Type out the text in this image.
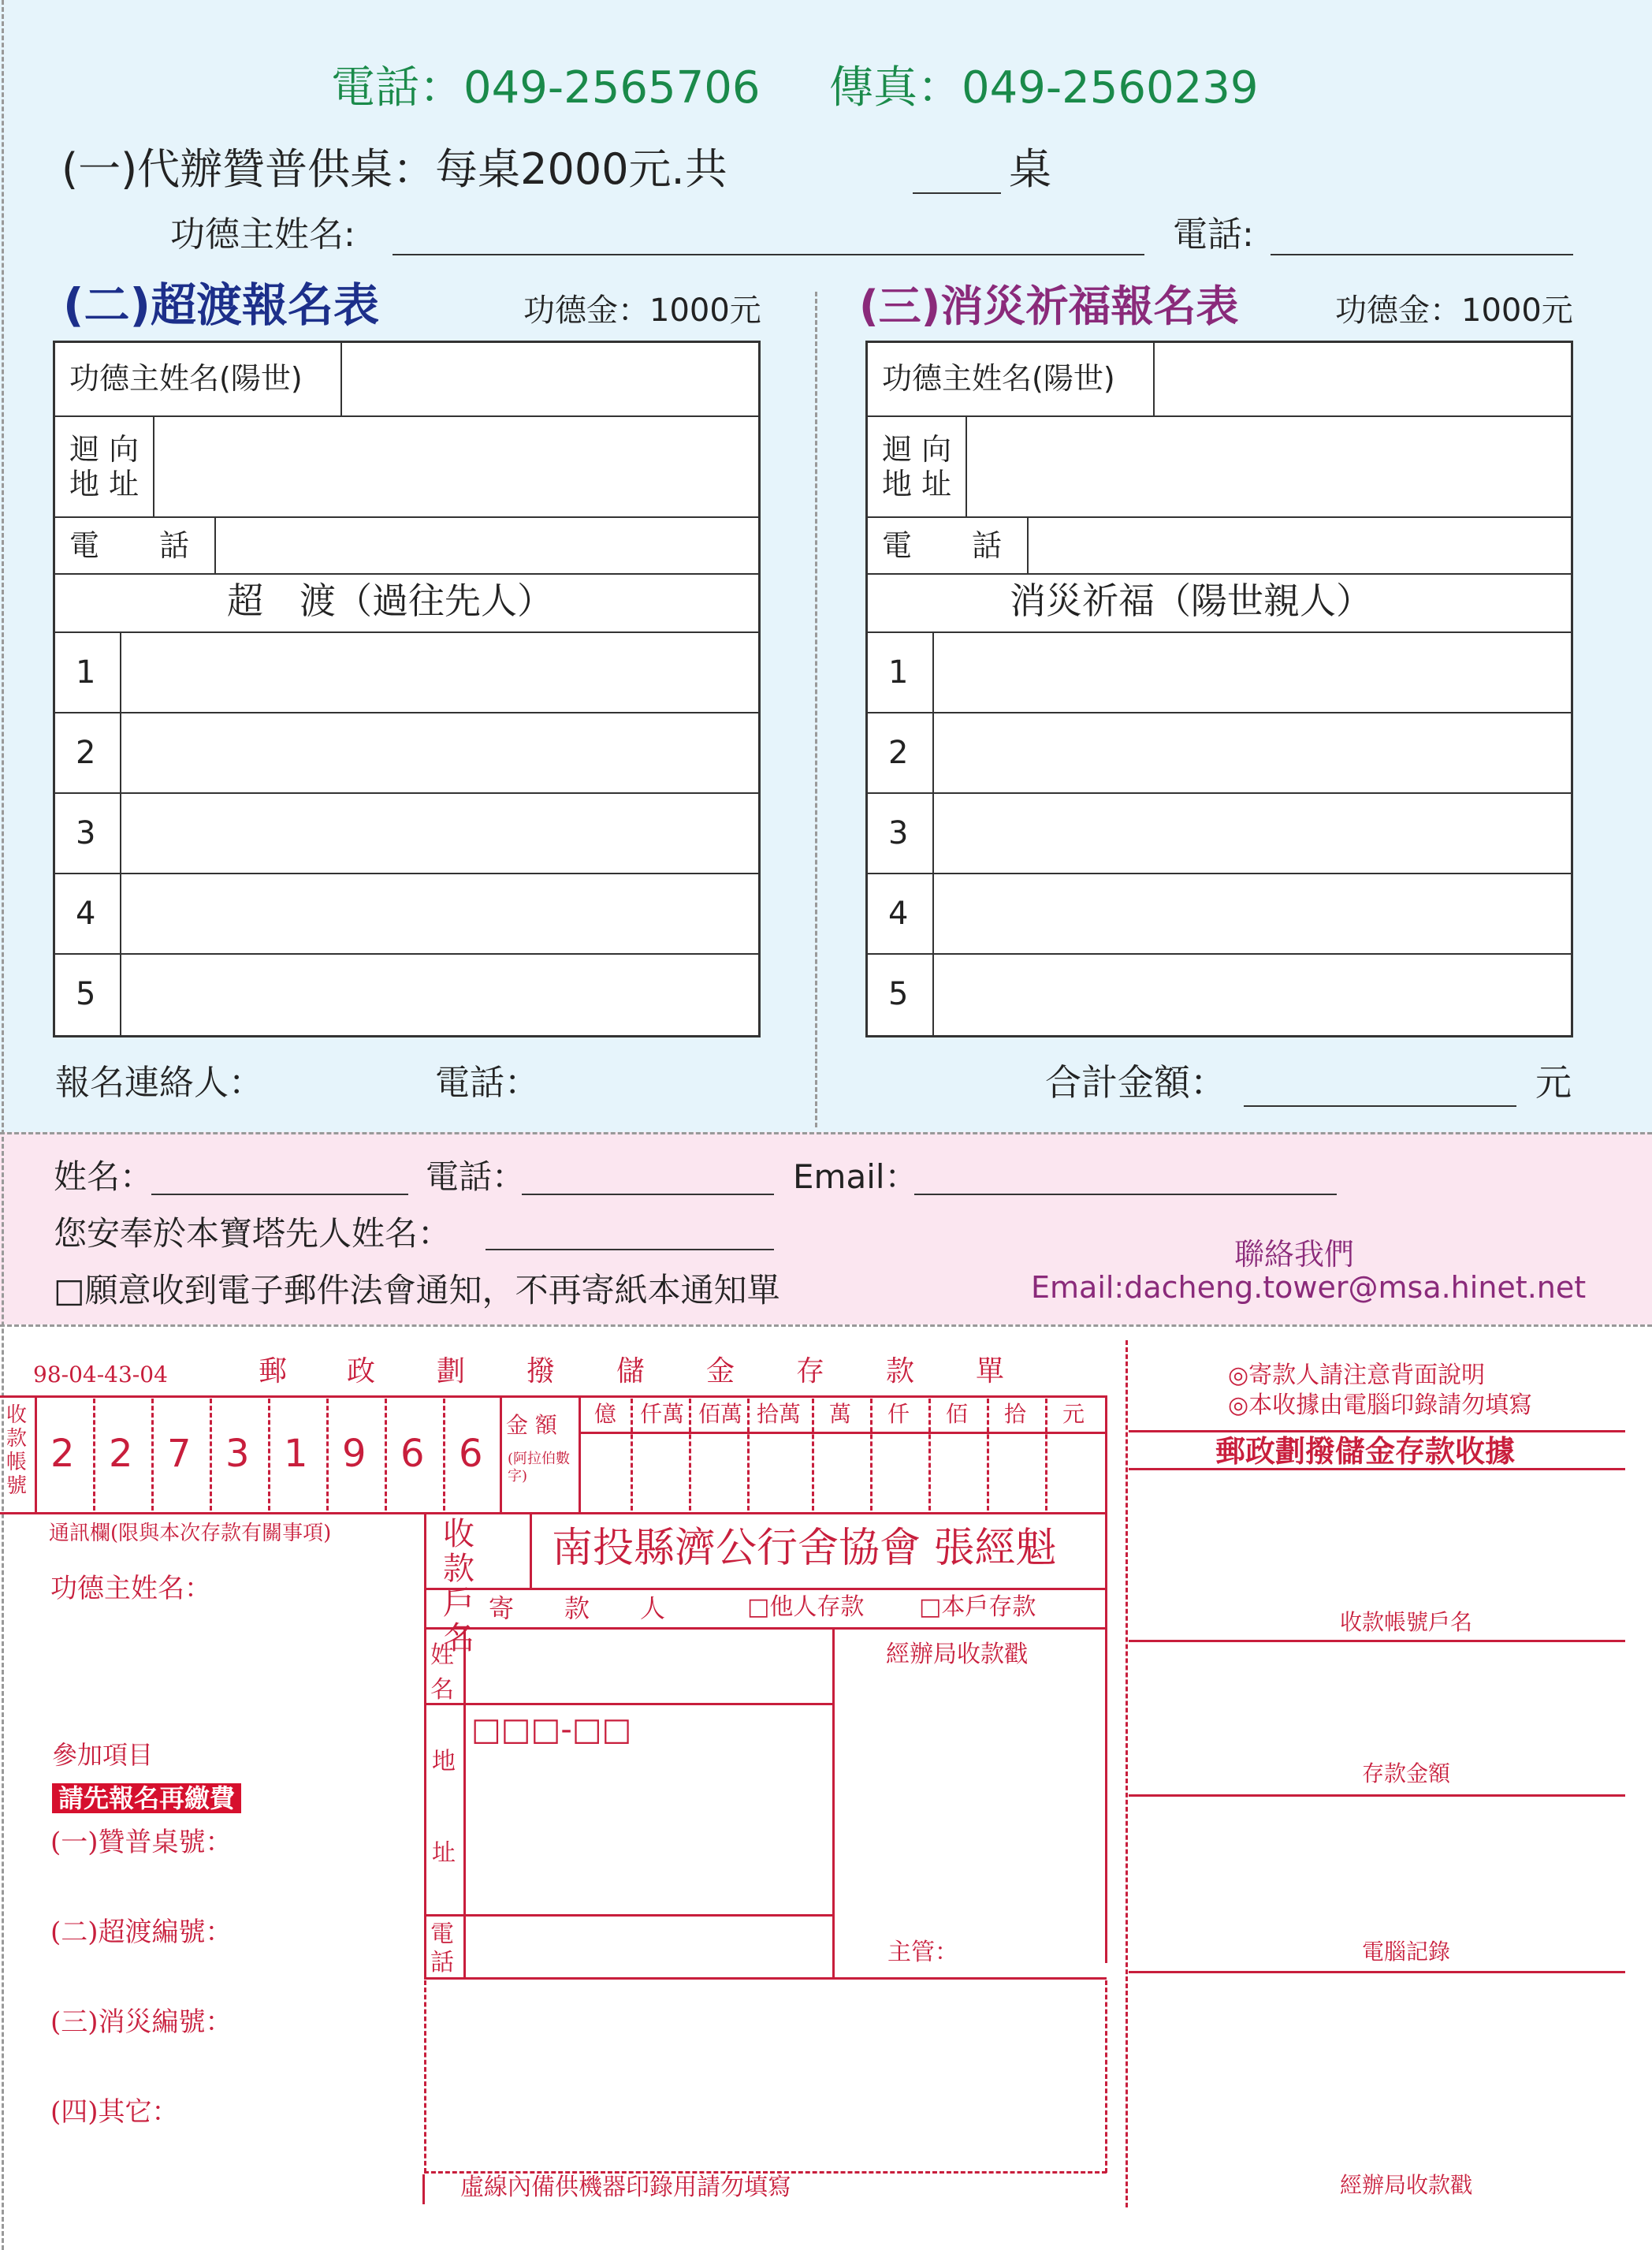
電話：049-2565706 傳真：049-2560239
(一)代辦贊普供桌：每桌2000元.共	桌
功德主姓名:	電話:
(二)超渡報名表	功德金：1000元
功德主姓名(陽世)
迴 向
地 址
電　　話
超　渡（過往先人）
1
2
3
4
5
報名連絡人：	電話：
(三)消災祈福報名表	功德金：1000元
功德主姓名(陽世)
迴 向
地 址
電　　話
消災祈福（陽世親人）
1
2
3
4
5
合計金額：	元
姓名：	電話：	Email：
您安奉於本寶塔先人姓名：
□願意收到電子郵件法會通知，不再寄紙本通知單
聯絡我們
Email:dacheng.tower@msa.hinet.net
98-04-43-04	郵 政 劃 撥 儲 金 存 款 單
收款帳號
2 2 7 3 1 9 6 6
金 額
(阿拉伯數字)
億 仟萬 佰萬 拾萬 萬 仟 佰 拾 元
通訊欄(限與本次存款有關事項)
功德主姓名：
參加項目
請先報名再繳費
(一)贊普桌號：
(二)超渡編號：
(三)消災編號：
(四)其它：
收款戶名
南投縣濟公行舍協會 張經魁
寄　　款　　人	□他人存款 □本戶存款
姓名
□□□-□□
地
址
電話
經辦局收款戳
主管：
虛線內備供機器印錄用請勿填寫
◎寄款人請注意背面說明
◎本收據由電腦印錄請勿填寫
郵政劃撥儲金存款收據
收款帳號戶名
存款金額
電腦記錄
經辦局收款戳
